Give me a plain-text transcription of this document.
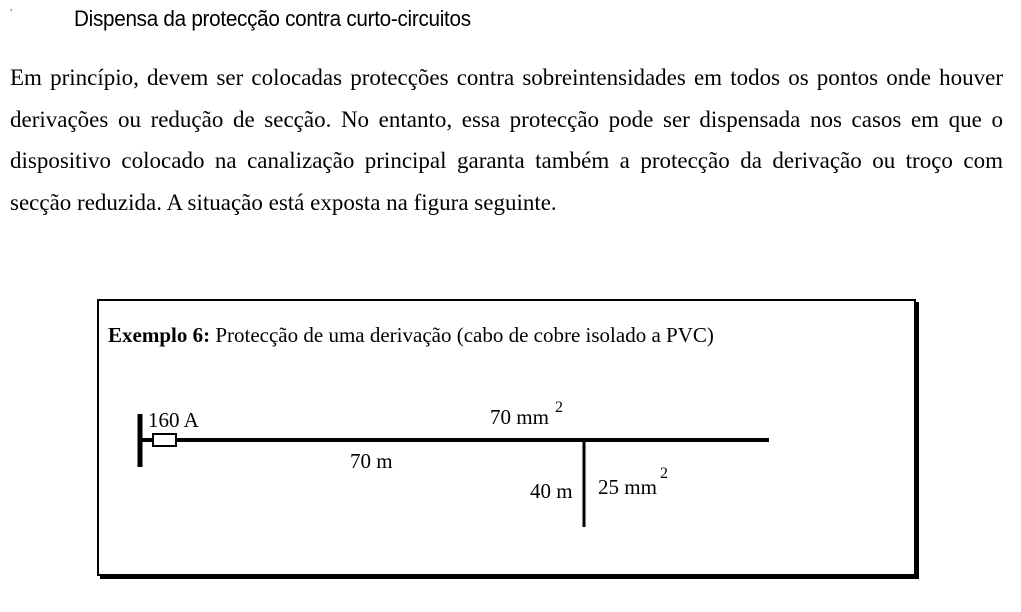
’	Dispensa da protecção contra curto-circuitos

Em princípio, devem ser colocadas protecções contra sobreintensidades em todos os pontos onde houver derivações ou redução de secção. No entanto, essa protecção pode ser dispensada nos casos em que o dispositivo colocado na canalização principal garanta também a protecção da derivação ou troço com secção reduzida. A situação está exposta na figura seguinte.

Exemplo 6: Protecção de uma derivação (cabo de cobre isolado a PVC)

160 A	70 mm 2
70 m
40 m 25 mm
2
